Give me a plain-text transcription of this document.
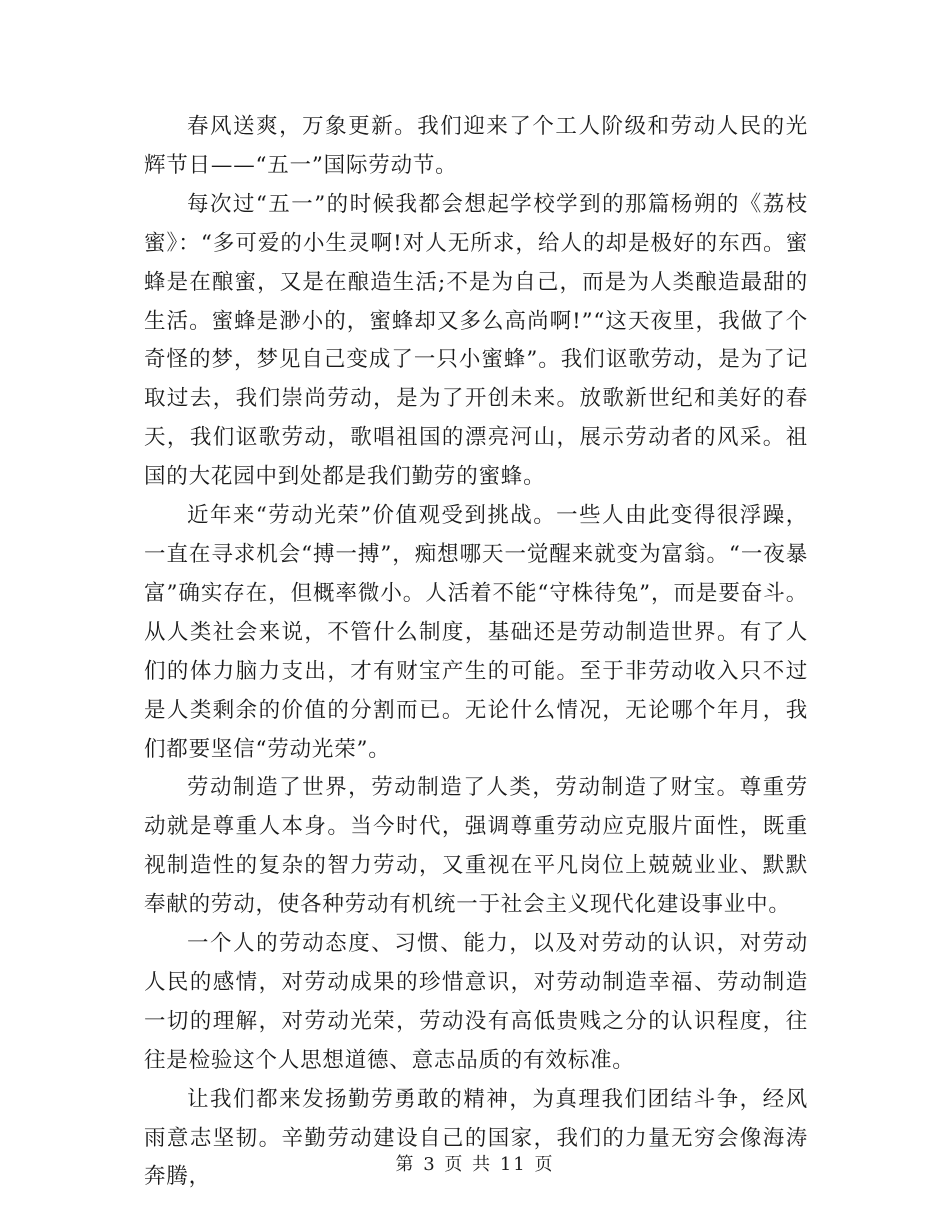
春风送爽，万象更新。我们迎来了个工人阶级和劳动人民的光辉节日——“五一”国际劳动节。

每次过“五一”的时候我都会想起学校学到的那篇杨朔的《荔枝蜜》：“多可爱的小生灵啊!对人无所求，给人的却是极好的东西。蜜蜂是在酿蜜，又是在酿造生活;不是为自己，而是为人类酿造最甜的生活。蜜蜂是渺小的，蜜蜂却又多么高尚啊!”“这天夜里，我做了个奇怪的梦，梦见自己变成了一只小蜜蜂”。我们讴歌劳动，是为了记取过去，我们崇尚劳动，是为了开创未来。放歌新世纪和美好的春天，我们讴歌劳动，歌唱祖国的漂亮河山，展示劳动者的风采。祖国的大花园中到处都是我们勤劳的蜜蜂。

近年来“劳动光荣”价值观受到挑战。一些人由此变得很浮躁，一直在寻求机会“搏一搏”，痴想哪天一觉醒来就变为富翁。“一夜暴富”确实存在，但概率微小。人活着不能“守株待兔”，而是要奋斗。从人类社会来说，不管什么制度，基础还是劳动制造世界。有了人们的体力脑力支出，才有财宝产生的可能。至于非劳动收入只不过是人类剩余的价值的分割而已。无论什么情况，无论哪个年月，我们都要坚信“劳动光荣”。

劳动制造了世界，劳动制造了人类，劳动制造了财宝。尊重劳动就是尊重人本身。当今时代，强调尊重劳动应克服片面性，既重视制造性的复杂的智力劳动，又重视在平凡岗位上兢兢业业、默默奉献的劳动，使各种劳动有机统一于社会主义现代化建设事业中。

一个人的劳动态度、习惯、能力，以及对劳动的认识，对劳动人民的感情，对劳动成果的珍惜意识，对劳动制造幸福、劳动制造一切的理解，对劳动光荣，劳动没有高低贵贱之分的认识程度，往往是检验这个人思想道德、意志品质的有效标准。

让我们都来发扬勤劳勇敢的精神，为真理我们团结斗争，经风雨意志坚韧。辛勤劳动建设自己的国家，我们的力量无穷会像海涛奔腾，	第 3 页 共 11 页
